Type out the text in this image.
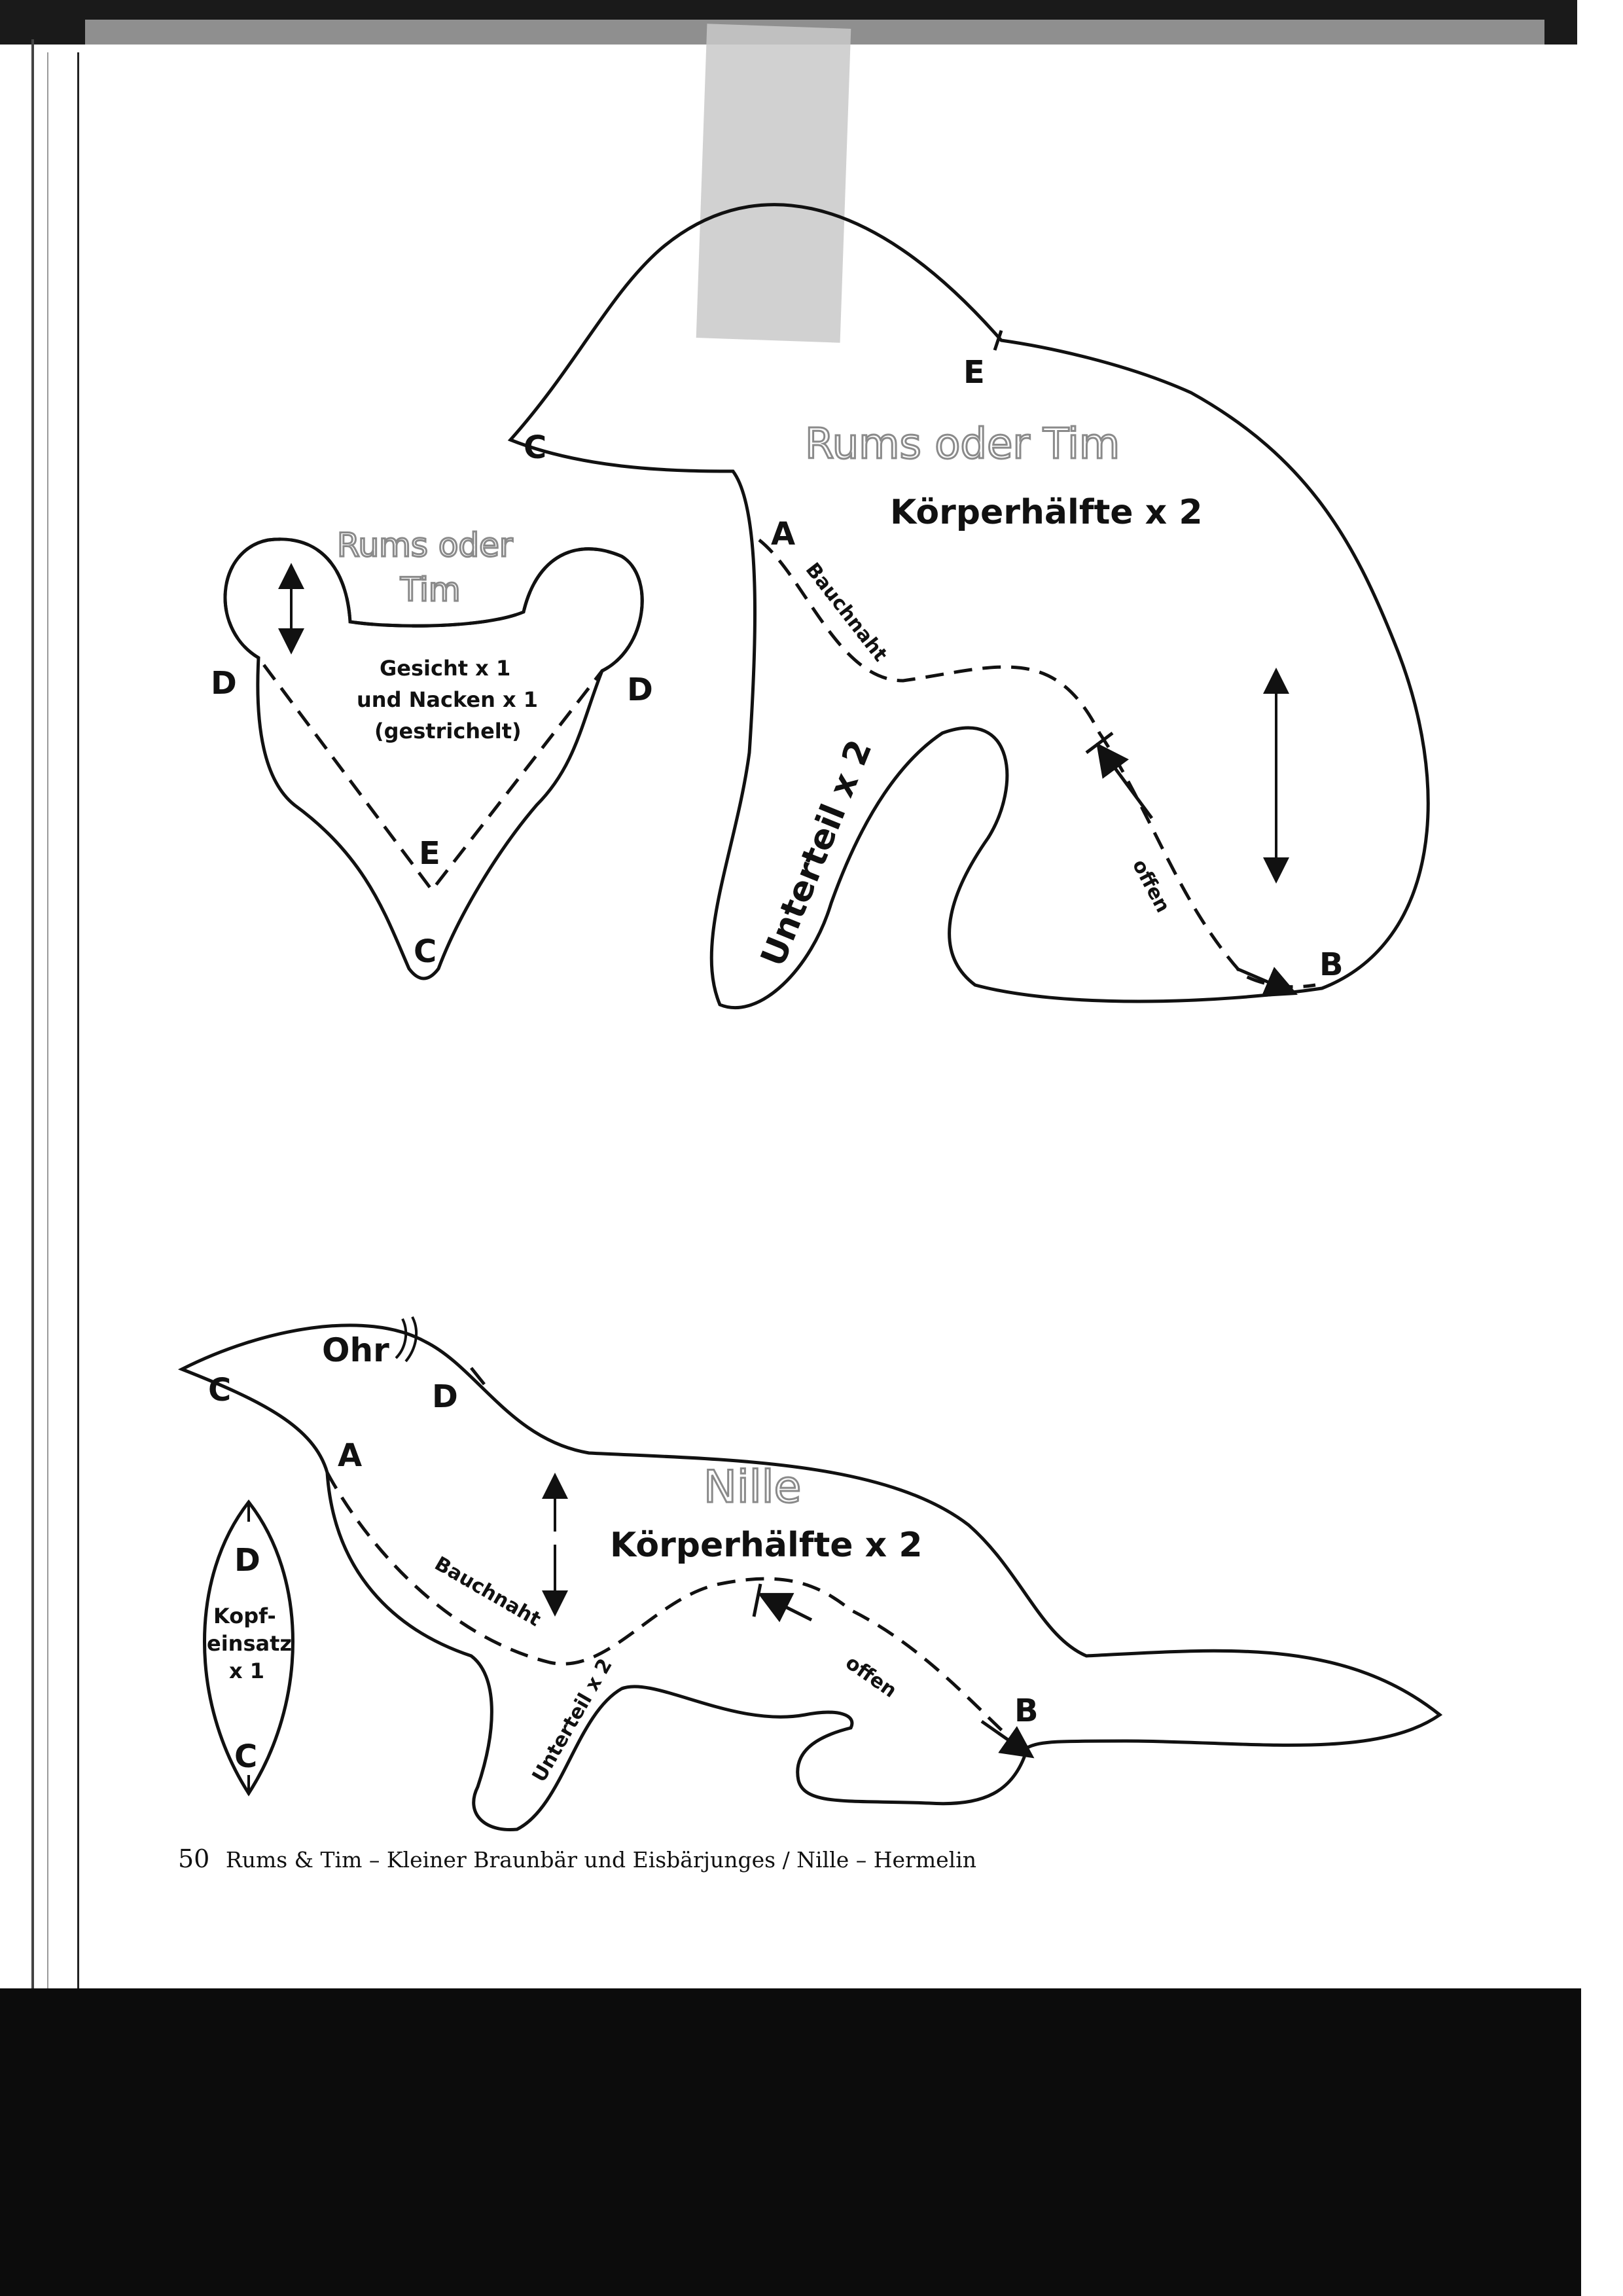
Rums oder Tim
Körperhälfte x 2
E
C
A
B
Bauchnaht
Unterteil x 2	offen
Rums oder
Tim
Gesicht x 1
und Nacken x 1
(gestrichelt)
D	D
E
C
Ohr
Nille
Körperhälfte x 2
C	D
A
B
Bauchnaht
Unterteil x 2	offen
D
Kopf-
einsatz
x 1
C
50 Rums & Tim – Kleiner Braunbär und Eisbärjunges / Nille – Hermelin
